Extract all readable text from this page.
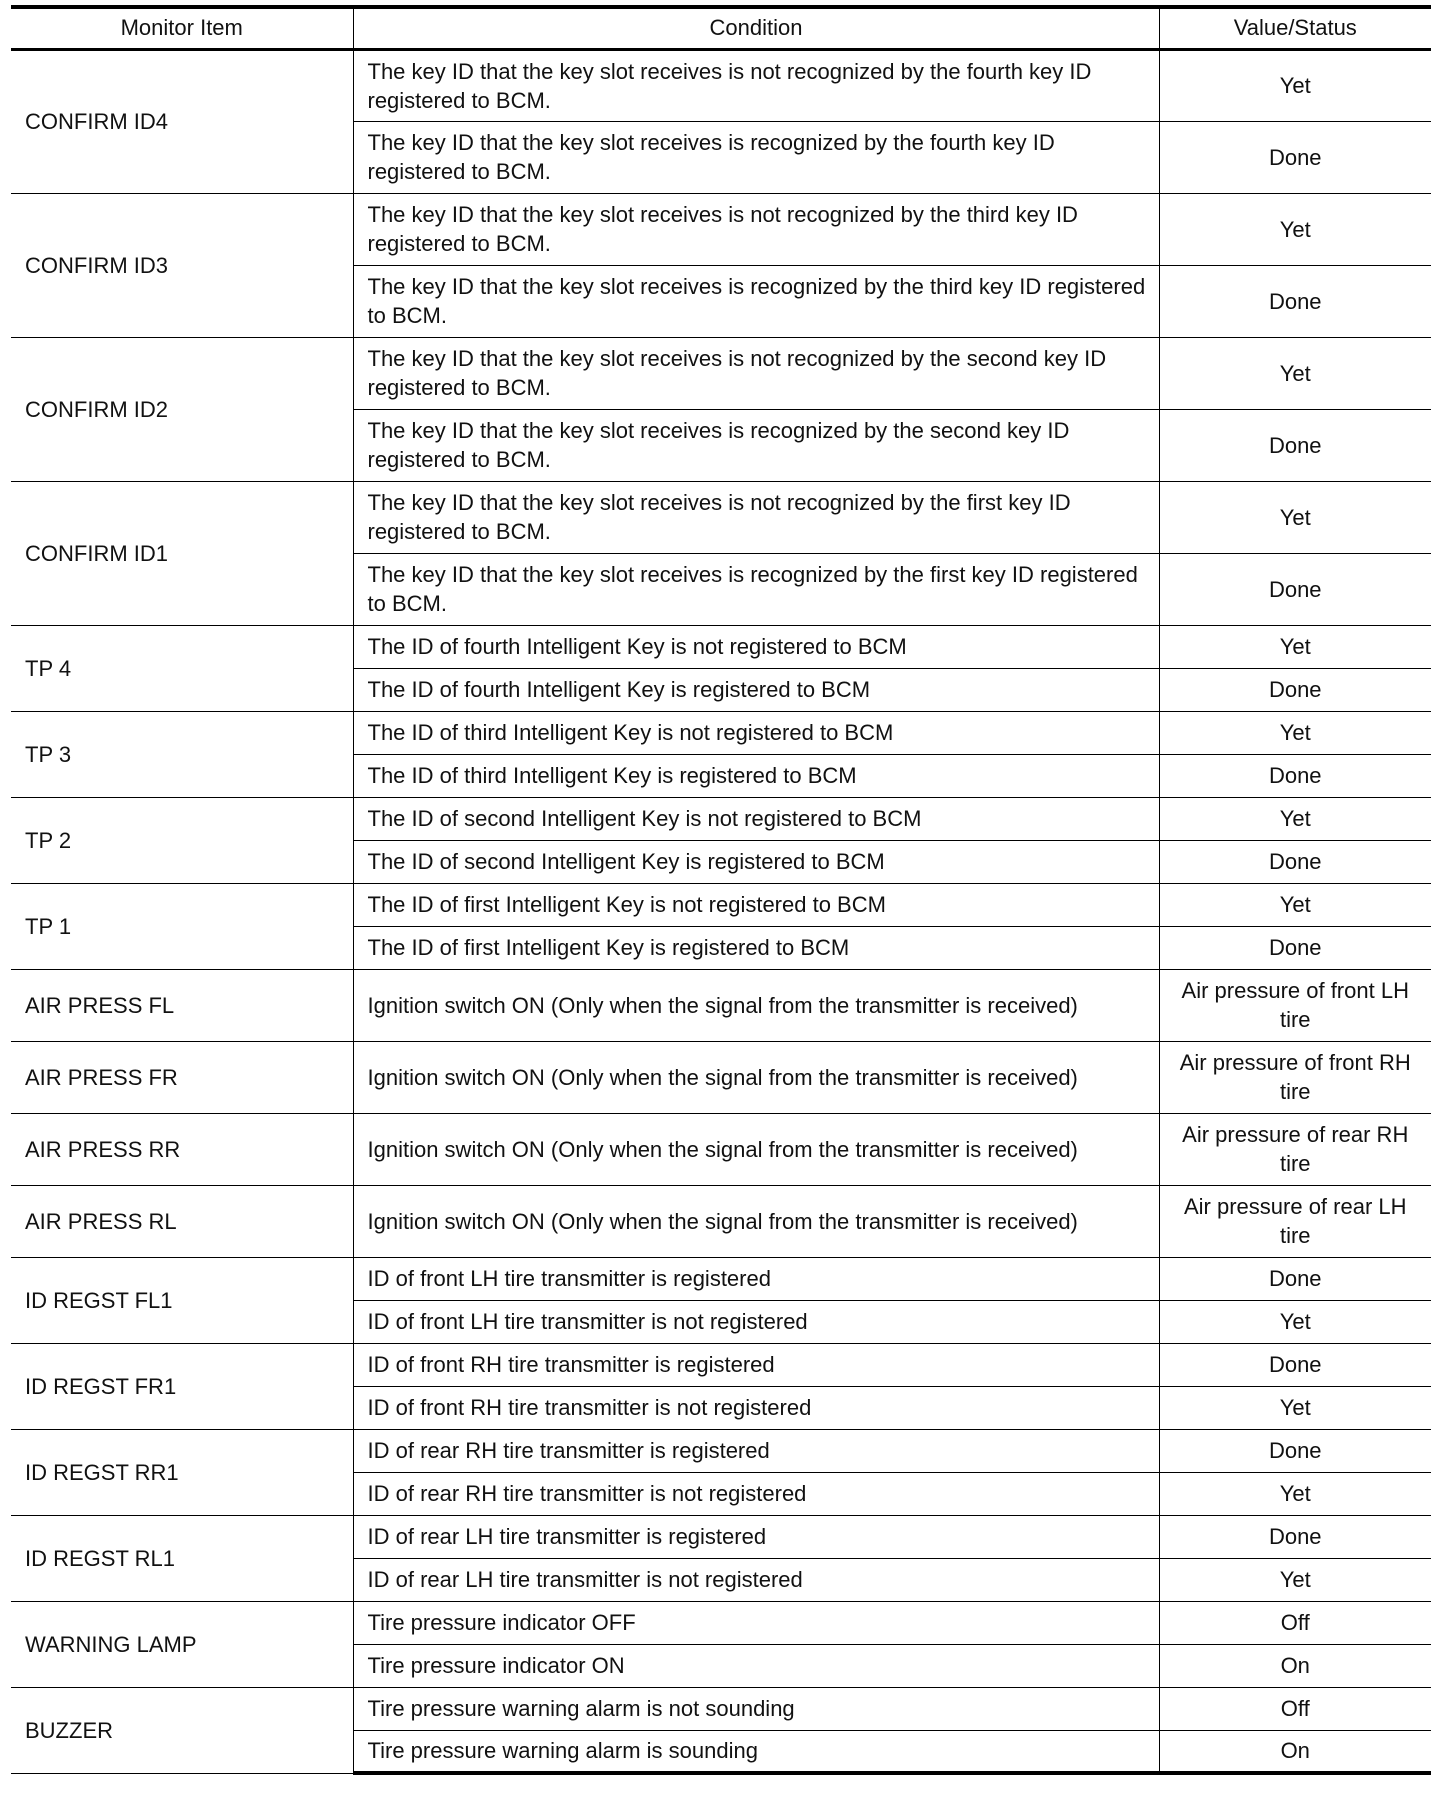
Monitor Item	Condition	Value/Status
CONFIRM ID4	The key ID that the key slot receives is not recognized by the fourth key ID registered to BCM.	Yet
	The key ID that the key slot receives is recognized by the fourth key ID registered to BCM.	Done
CONFIRM ID3	The key ID that the key slot receives is not recognized by the third key ID registered to BCM.	Yet
	The key ID that the key slot receives is recognized by the third key ID registered to BCM.	Done
CONFIRM ID2	The key ID that the key slot receives is not recognized by the second key ID registered to BCM.	Yet
	The key ID that the key slot receives is recognized by the second key ID registered to BCM.	Done
CONFIRM ID1	The key ID that the key slot receives is not recognized by the first key ID registered to BCM.	Yet
	The key ID that the key slot receives is recognized by the first key ID registered to BCM.	Done
TP 4	The ID of fourth Intelligent Key is not registered to BCM	Yet
	The ID of fourth Intelligent Key is registered to BCM	Done
TP 3	The ID of third Intelligent Key is not registered to BCM	Yet
	The ID of third Intelligent Key is registered to BCM	Done
TP 2	The ID of second Intelligent Key is not registered to BCM	Yet
	The ID of second Intelligent Key is registered to BCM	Done
TP 1	The ID of first Intelligent Key is not registered to BCM	Yet
	The ID of first Intelligent Key is registered to BCM	Done
AIR PRESS FL	Ignition switch ON (Only when the signal from the transmitter is received)	Air pressure of front LH tire
AIR PRESS FR	Ignition switch ON (Only when the signal from the transmitter is received)	Air pressure of front RH tire
AIR PRESS RR	Ignition switch ON (Only when the signal from the transmitter is received)	Air pressure of rear RH tire
AIR PRESS RL	Ignition switch ON (Only when the signal from the transmitter is received)	Air pressure of rear LH tire
ID REGST FL1	ID of front LH tire transmitter is registered	Done
	ID of front LH tire transmitter is not registered	Yet
ID REGST FR1	ID of front RH tire transmitter is registered	Done
	ID of front RH tire transmitter is not registered	Yet
ID REGST RR1	ID of rear RH tire transmitter is registered	Done
	ID of rear RH tire transmitter is not registered	Yet
ID REGST RL1	ID of rear LH tire transmitter is registered	Done
	ID of rear LH tire transmitter is not registered	Yet
WARNING LAMP	Tire pressure indicator OFF	Off
	Tire pressure indicator ON	On
BUZZER	Tire pressure warning alarm is not sounding	Off
	Tire pressure warning alarm is sounding	On
